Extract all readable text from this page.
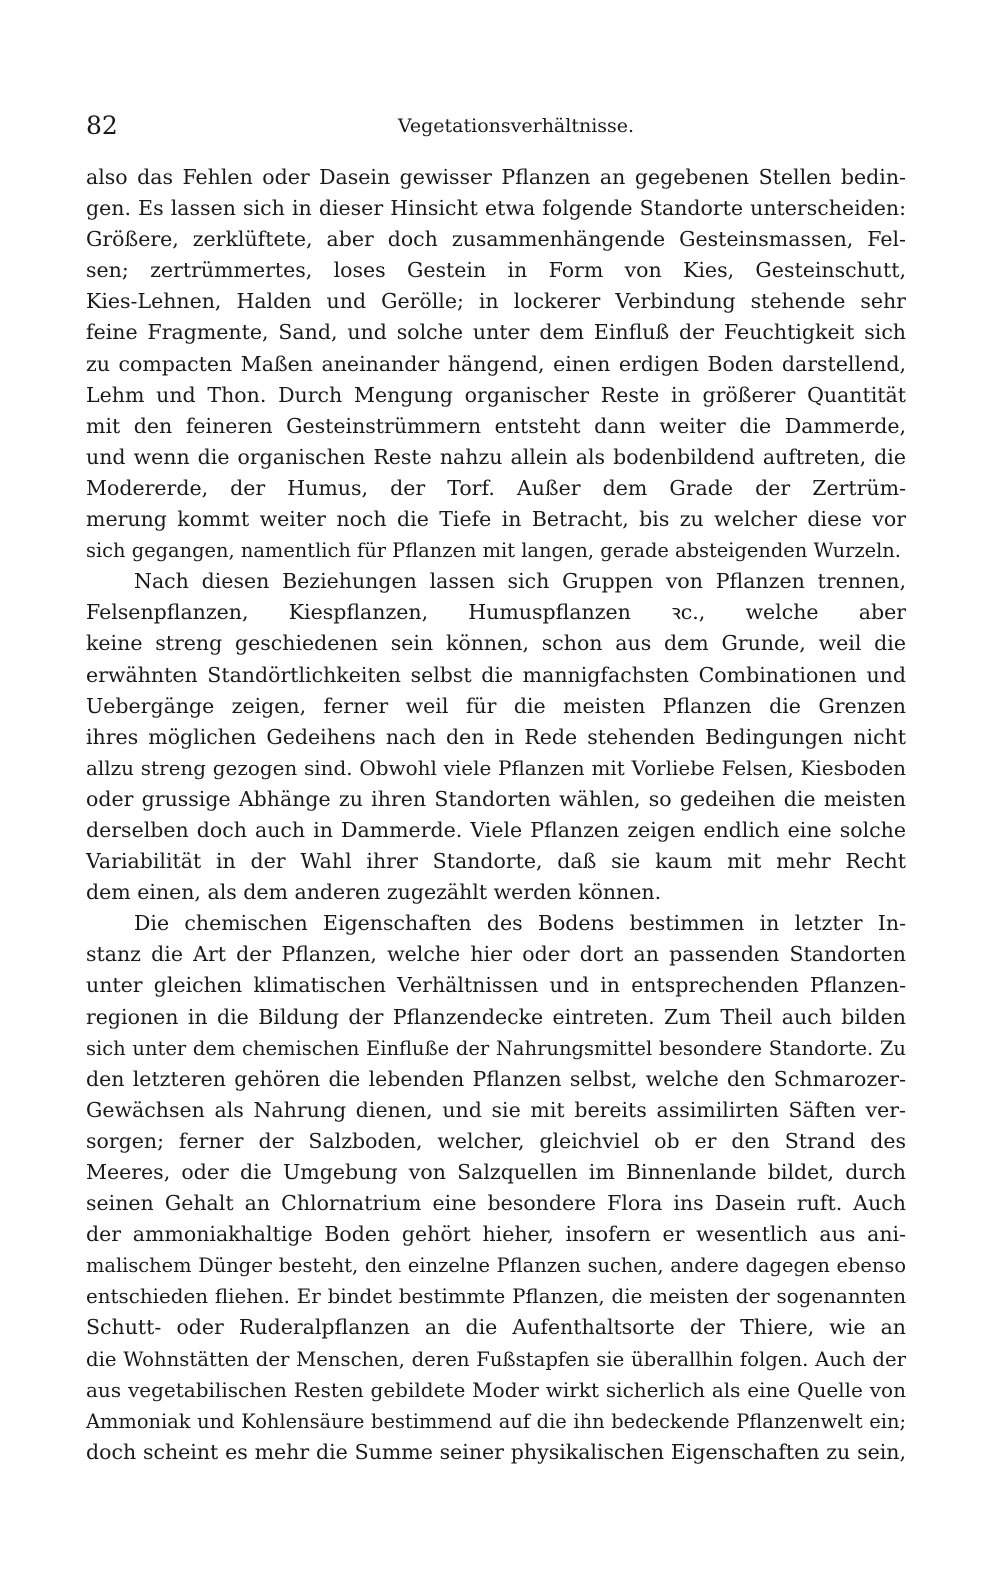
82	Vegetationsverhältnisse.
also das Fehlen oder Dasein gewisser Pflanzen an gegebenen Stellen bedin-
gen. Es lassen sich in dieser Hinsicht etwa folgende Standorte unterscheiden:
Größere, zerklüftete, aber doch zusammenhängende Gesteinsmassen, Fel-
sen; zertrümmertes, loses Gestein in Form von Kies, Gesteinschutt,
Kies-Lehnen, Halden und Gerölle; in lockerer Verbindung stehende sehr
feine Fragmente, Sand, und solche unter dem Einfluß der Feuchtigkeit sich
zu compacten Maßen aneinander hängend, einen erdigen Boden darstellend,
Lehm und Thon. Durch Mengung organischer Reste in größerer Quantität
mit den feineren Gesteinstrümmern entsteht dann weiter die Dammerde,
und wenn die organischen Reste nahzu allein als bodenbildend auftreten, die
Modererde, der Humus, der Torf. Außer dem Grade der Zertrüm-
merung kommt weiter noch die Tiefe in Betracht, bis zu welcher diese vor
sich gegangen, namentlich für Pflanzen mit langen, gerade absteigenden Wurzeln.
Nach diesen Beziehungen lassen sich Gruppen von Pflanzen trennen,
Felsenpflanzen, Kiespflanzen, Humuspflanzen ꝛc., welche aber
keine streng geschiedenen sein können, schon aus dem Grunde, weil die
erwähnten Standörtlichkeiten selbst die mannigfachsten Combinationen und
Uebergänge zeigen, ferner weil für die meisten Pflanzen die Grenzen
ihres möglichen Gedeihens nach den in Rede stehenden Bedingungen nicht
allzu streng gezogen sind. Obwohl viele Pflanzen mit Vorliebe Felsen, Kiesboden
oder grussige Abhänge zu ihren Standorten wählen, so gedeihen die meisten
derselben doch auch in Dammerde. Viele Pflanzen zeigen endlich eine solche
Variabilität in der Wahl ihrer Standorte, daß sie kaum mit mehr Recht
dem einen, als dem anderen zugezählt werden können.
Die chemischen Eigenschaften des Bodens bestimmen in letzter In-
stanz die Art der Pflanzen, welche hier oder dort an passenden Standorten
unter gleichen klimatischen Verhältnissen und in entsprechenden Pflanzen-
regionen in die Bildung der Pflanzendecke eintreten. Zum Theil auch bilden
sich unter dem chemischen Einfluße der Nahrungsmittel besondere Standorte. Zu
den letzteren gehören die lebenden Pflanzen selbst, welche den Schmarozer-
Gewächsen als Nahrung dienen, und sie mit bereits assimilirten Säften ver-
sorgen; ferner der Salzboden, welcher, gleichviel ob er den Strand des
Meeres, oder die Umgebung von Salzquellen im Binnenlande bildet, durch
seinen Gehalt an Chlornatrium eine besondere Flora ins Dasein ruft. Auch
der ammoniakhaltige Boden gehört hieher, insofern er wesentlich aus ani-
malischem Dünger besteht, den einzelne Pflanzen suchen, andere dagegen ebenso
entschieden fliehen. Er bindet bestimmte Pflanzen, die meisten der sogenannten
Schutt- oder Ruderalpflanzen an die Aufenthaltsorte der Thiere, wie an
die Wohnstätten der Menschen, deren Fußstapfen sie überallhin folgen. Auch der
aus vegetabilischen Resten gebildete Moder wirkt sicherlich als eine Quelle von
Ammoniak und Kohlensäure bestimmend auf die ihn bedeckende Pflanzenwelt ein;
doch scheint es mehr die Summe seiner physikalischen Eigenschaften zu sein,
